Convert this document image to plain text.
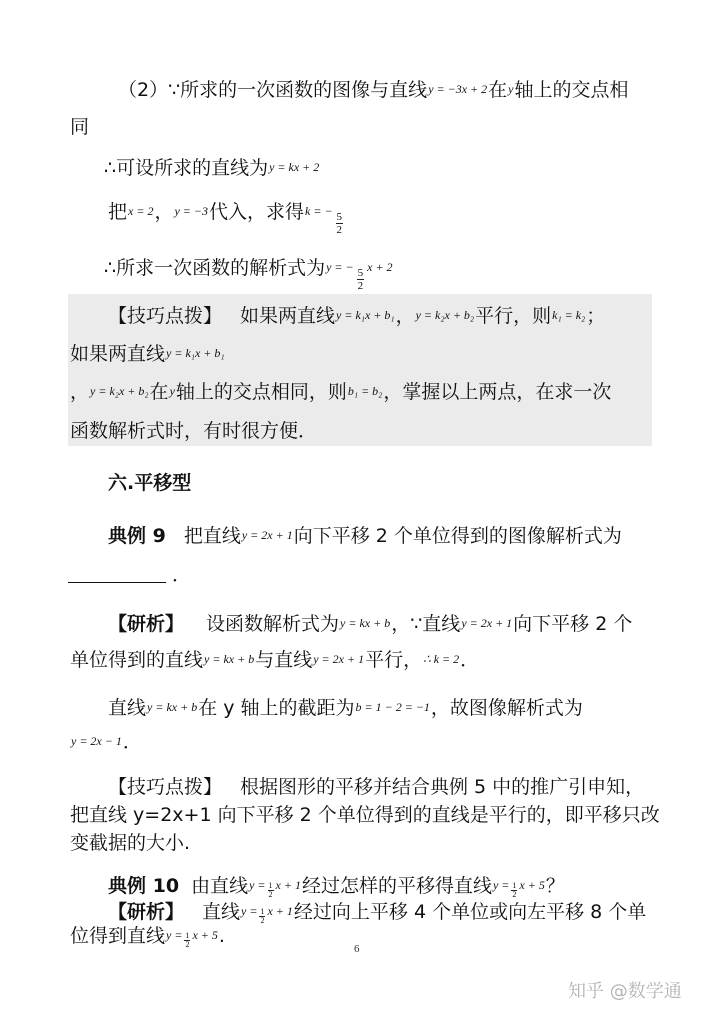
（2）∵所求的一次函数的图像与直线y = −3x + 2在y轴上的交点相
同
∴可设所求的直线为y = kx + 2
把x = 2，y = −3代入，求得k = − $\frac{5}{2}$
∴所求一次函数的解析式为y = − $\frac{5}{2}$ x + 2
【技巧点拨】 如果两直线y = k₁x + b₁，y = k₂x + b₂平行，则k₁ = k₂；
如果两直线y = k₁x + b₁
，y = k₂x + b₂在y轴上的交点相同，则b₁ = b₂，掌握以上两点，在求一次
函数解析式时，有时很方便．
六.平移型
典例 9 把直线y = 2x + 1向下平移 2 个单位得到的图像解析式为
．
【研析】 设函数解析式为y = kx + b，∵直线y = 2x + 1向下平移 2 个
单位得到的直线y = kx + b与直线y = 2x + 1平行，∴ k = 2．
直线y = kx + b在 y 轴上的截距为b = 1 − 2 = −1，故图像解析式为
y = 2x − 1．
【技巧点拨】 根据图形的平移并结合典例 5 中的推广引申知，
把直线 y=2x+1 向下平移 2 个单位得到的直线是平行的，即平移只改
变截据的大小.
典例 10 由直线$y = \frac{1}{2}$ x + 1经过怎样的平移得直线$y = \frac{1}{2}$ x + 5？
【研析】 直线$y = \frac{1}{2}$ x + 1经过向上平移 4 个单位或向左平移 8 个单
位得到直线$y = \frac{1}{2}$ x + 5.
6
知乎 @数学通
